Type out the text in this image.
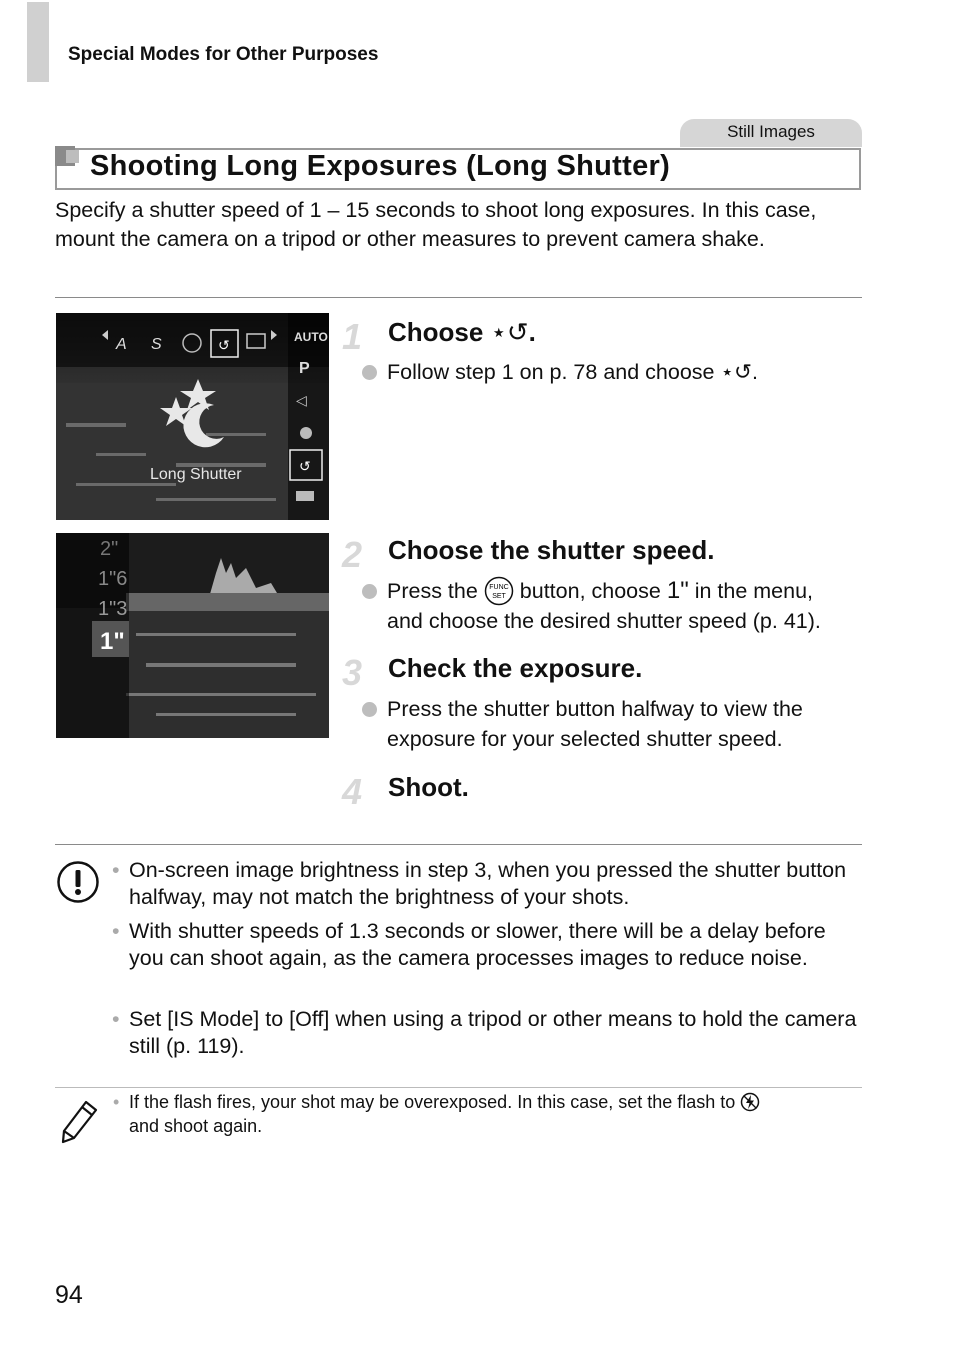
Special Modes for Other Purposes
Still Images
Shooting Long Exposures (Long Shutter)
Specify a shutter speed of 1 – 15 seconds to shoot long exposures. In this case, mount the camera on a tripod or other measures to prevent camera shake.
A S	↺	AUTO
P
◁
↺
Long Shutter
2"
1"6
1"3
1"
1 Choose ⋆↺.
Follow step 1 on p. 78 and choose ⋆↺.
2 Choose the shutter speed.
Press the FUNC
SET button, choose 1" in the menu,
and choose the desired shutter speed (p. 41).
3 Check the exposure.
Press the shutter button halfway to view the
exposure for your selected shutter speed.
4 Shoot.
• On-screen image brightness in step 3, when you pressed the shutter button halfway, may not match the brightness of your shots.
• With shutter speeds of 1.3 seconds or slower, there will be a delay before you can shoot again, as the camera processes images to reduce noise.
• Set [IS Mode] to [Off] when using a tripod or other means to hold the camera still (p. 119).
• If the flash fires, your shot may be overexposed. In this case, set the flash to
and shoot again.
94
